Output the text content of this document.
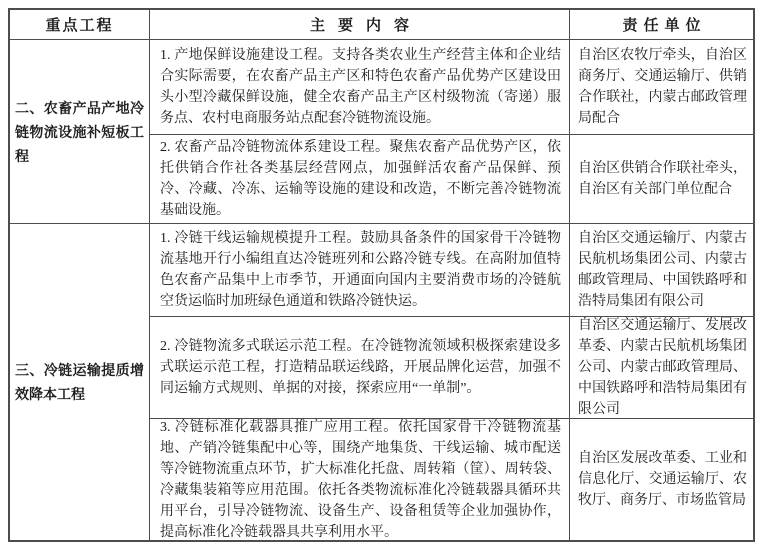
重点工程	主要内容	责任单位
二、农畜产品产地冷链物流设施补短板工程
1. 产地保鲜设施建设工程。支持各类农业生产经营主体和企业结合实际需要，在农畜产品主产区和特色农畜产品优势产区建设田头小型冷藏保鲜设施，健全农畜产品主产区村级物流（寄递）服务点、农村电商服务站点配套冷链物流设施。
自治区农牧厅牵头，自治区商务厅、交通运输厅、供销合作联社，内蒙古邮政管理局配合
2. 农畜产品冷链物流体系建设工程。聚焦农畜产品优势产区，依托供销合作社各类基层经营网点，加强鲜活农畜产品保鲜、预冷、冷藏、冷冻、运输等设施的建设和改造，不断完善冷链物流基础设施。
自治区供销合作联社牵头，自治区有关部门单位配合
三、冷链运输提质增效降本工程
1. 冷链干线运输规模提升工程。鼓励具备条件的国家骨干冷链物流基地开行小编组直达冷链班列和公路冷链专线。在高附加值特色农畜产品集中上市季节，开通面向国内主要消费市场的冷链航空货运临时加班绿色通道和铁路冷链快运。
自治区交通运输厅、内蒙古民航机场集团公司、内蒙古邮政管理局、中国铁路呼和浩特局集团有限公司
2. 冷链物流多式联运示范工程。在冷链物流领域积极探索建设多式联运示范工程，打造精品联运线路，开展品牌化运营，加强不同运输方式规则、单据的对接，探索应用“一单制”。
自治区交通运输厅、发展改革委、内蒙古民航机场集团公司、内蒙古邮政管理局、中国铁路呼和浩特局集团有限公司
3. 冷链标准化载器具推广应用工程。依托国家骨干冷链物流基地、产销冷链集配中心等，围绕产地集货、干线运输、城市配送等冷链物流重点环节，扩大标准化托盘、周转箱（筐）、周转袋、冷藏集装箱等应用范围。依托各类物流标准化冷链载器具循环共用平台，引导冷链物流、设备生产、设备租赁等企业加强协作，提高标准化冷链载器具共享利用水平。
自治区发展改革委、工业和信息化厅、交通运输厅、农牧厅、商务厅、市场监管局
